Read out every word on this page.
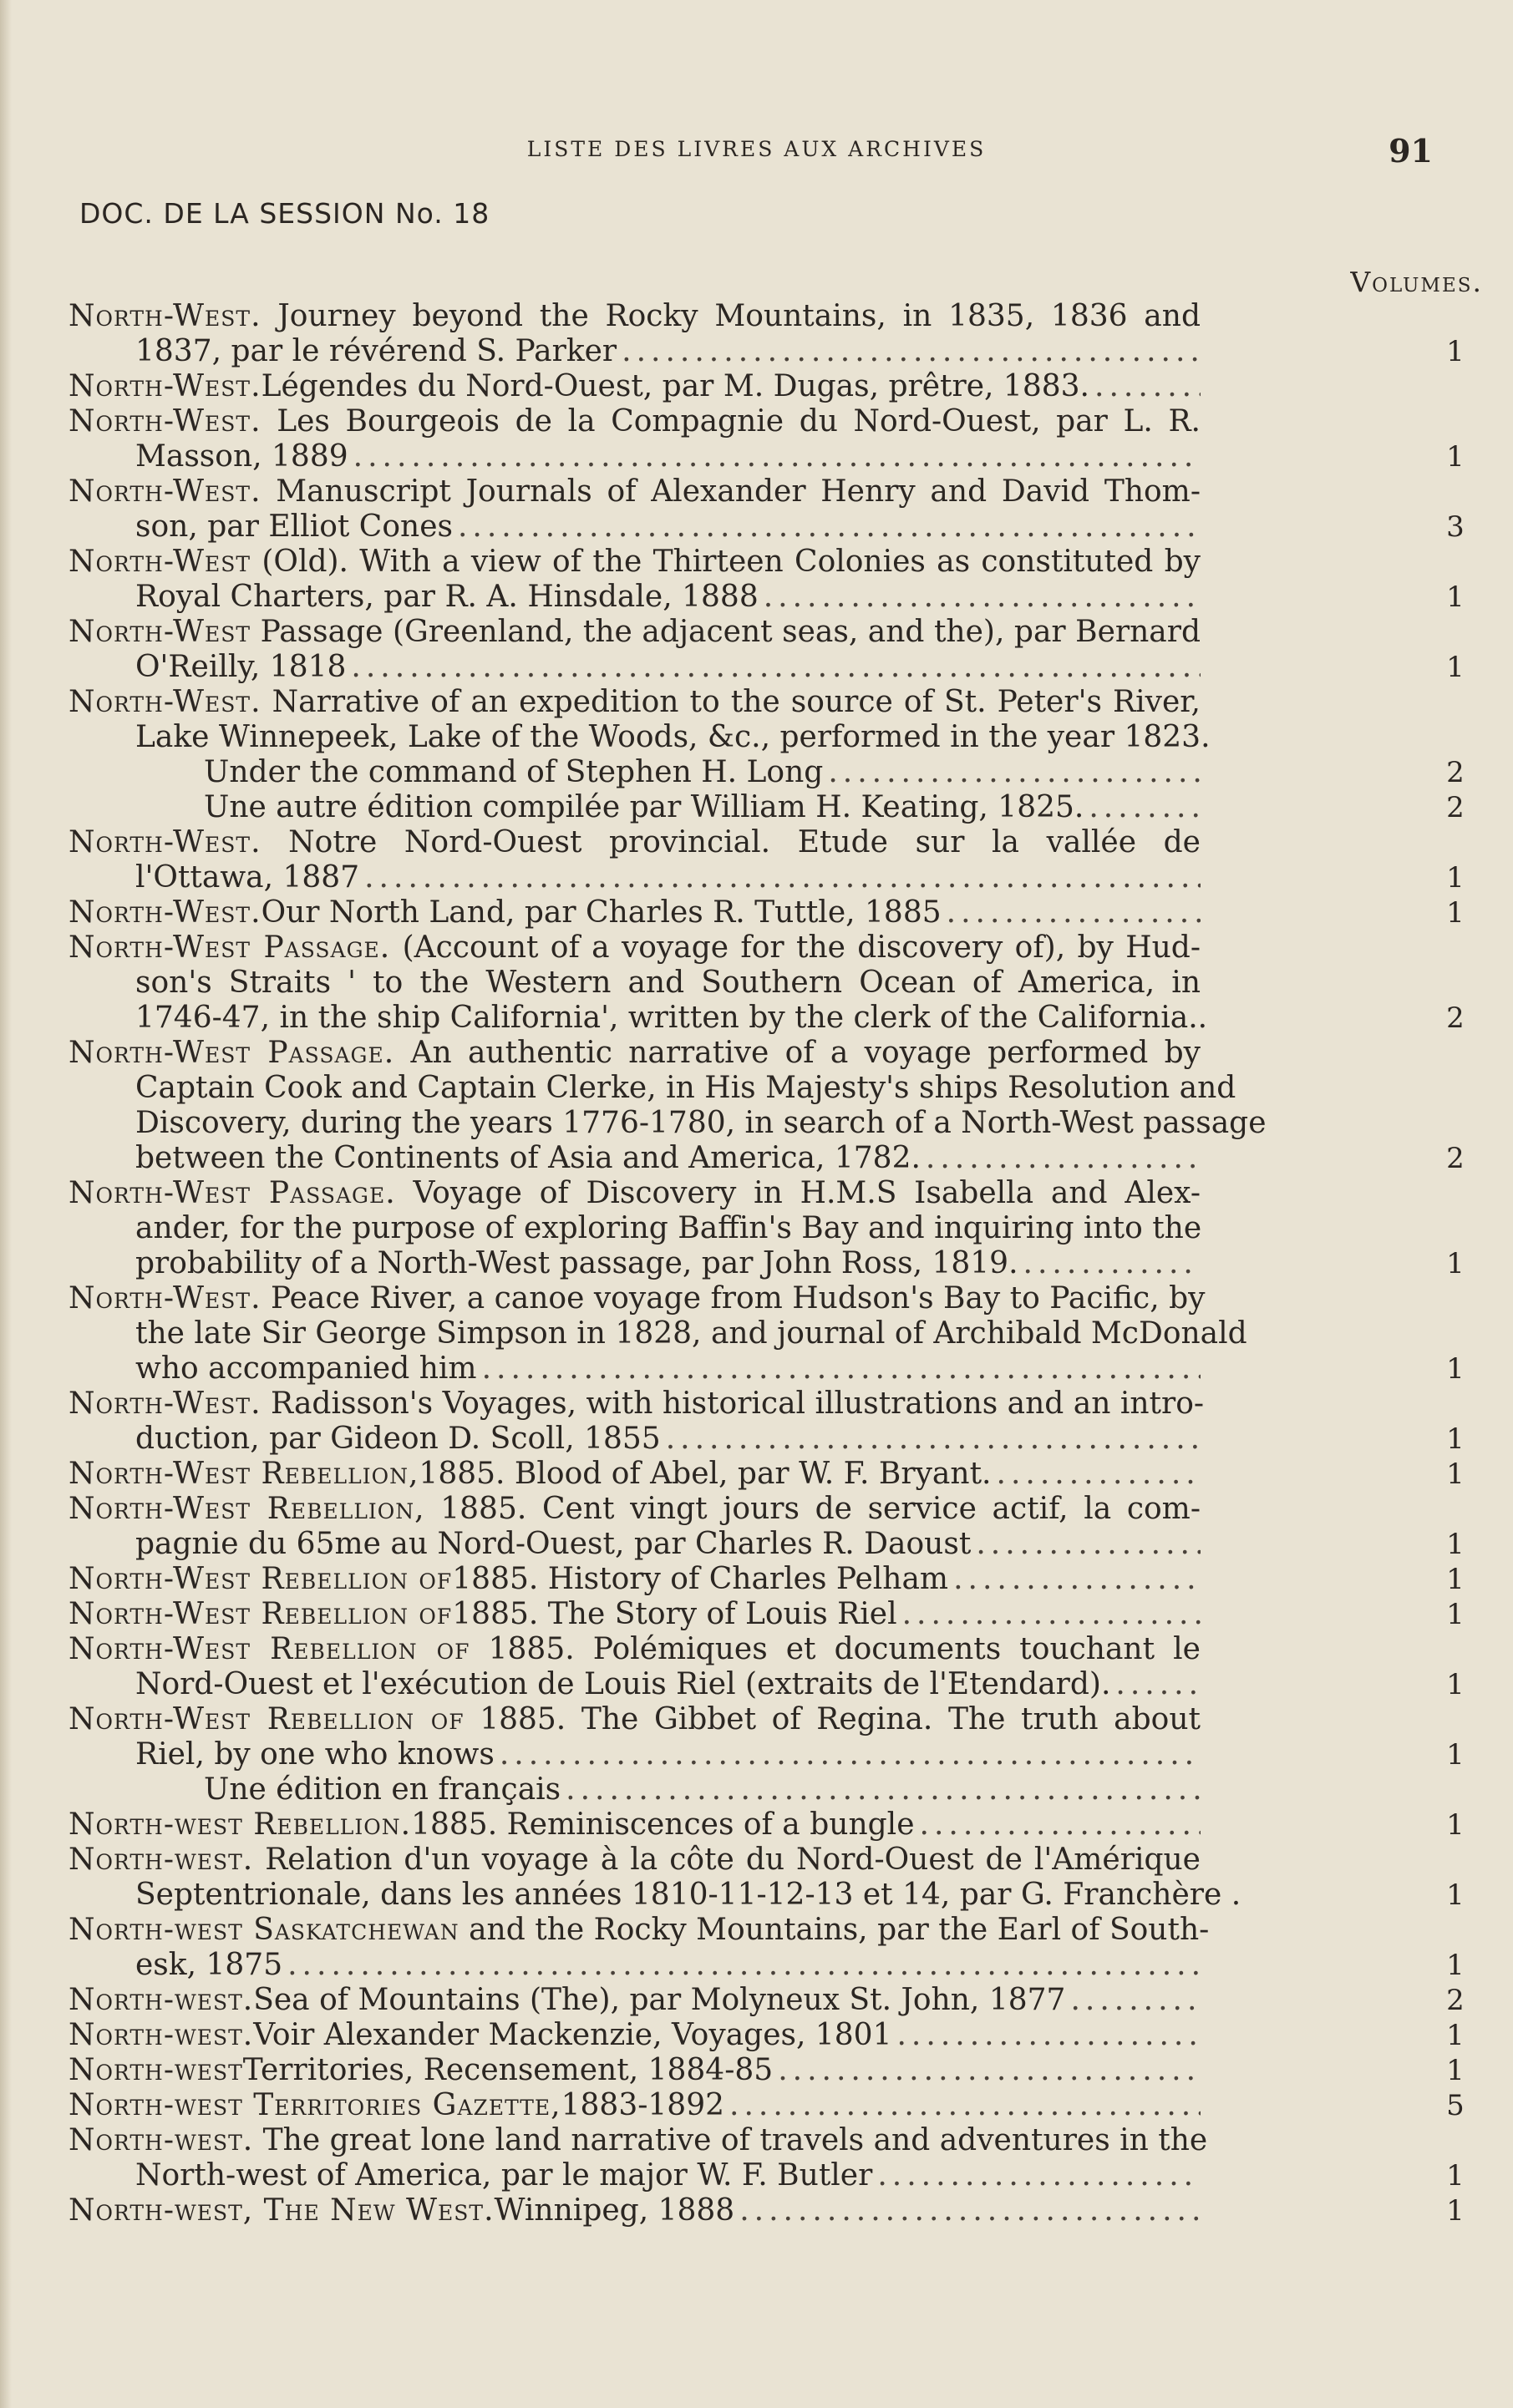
LISTE DES LIVRES AUX ARCHIVES	91
DOC. DE LA SESSION No. 18
Volumes.
North-West. Journey beyond the Rocky Mountains, in 1835, 1836 and
1837, par le révérend S. Parker .....	1
North-West. Légendes du Nord-Ouest, par M. Dugas, prêtre, 1883.
.....
North-West. Les Bourgeois de la Compagnie du Nord-Ouest, par L. R.
Masson, 1889 .....	1
North-West. Manuscript Journals of Alexander Henry and David Thom-
son, par Elliot Cones .....	3
North-West (Old). With a view of the Thirteen Colonies as constituted by
Royal Charters, par R. A. Hinsdale, 1888 .....	1
North-West Passage (Greenland, the adjacent seas, and the), par Bernard
O'Reilly, 1818 .....	1
North-West. Narrative of an expedition to the source of St. Peter's River,
Lake Winnepeek, Lake of the Woods, &c., performed in the year 1823.
Under the command of Stephen H. Long .....	2
Une autre édition compilée par William H. Keating, 1825. .....	2
North-West. Notre Nord-Ouest provincial. Etude sur la vallée de
l'Ottawa, 1887 .....	1
North-West. Our North Land, par Charles R. Tuttle, 1885 .....	1
North-West Passage. (Account of a voyage for the discovery of), by Hud-
son's Straits ' to the Western and Southern Ocean of America, in
1746-47, in the ship California', written by the clerk of the California..	2
North-West Passage. An authentic narrative of a voyage performed by
Captain Cook and Captain Clerke, in His Majesty's ships Resolution and
Discovery, during the years 1776-1780, in search of a North-West passage
between the Continents of Asia and America, 1782. .....	2
North-West Passage. Voyage of Discovery in H.M.S Isabella and Alex-
ander, for the purpose of exploring Baffin's Bay and inquiring into the
probability of a North-West passage, par John Ross, 1819. .....	1
North-West. Peace River, a canoe voyage from Hudson's Bay to Pacific, by
the late Sir George Simpson in 1828, and journal of Archibald McDonald
who accompanied him .....	1
North-West. Radisson's Voyages, with historical illustrations and an intro-
duction, par Gideon D. Scoll, 1855 .....	1
North-West Rebellion, 1885. Blood of Abel, par W. F. Bryant. .....	1
North-West Rebellion, 1885. Cent vingt jours de service actif, la com-
pagnie du 65me au Nord-Ouest, par Charles R. Daoust .....	1
North-West Rebellion of 1885. History of Charles Pelham .....	1
North-West Rebellion of 1885. The Story of Louis Riel .....	1
North-West Rebellion of 1885. Polémiques et documents touchant le
Nord-Ouest et l'exécution de Louis Riel (extraits de l'Etendard). .....	1
North-West Rebellion of 1885. The Gibbet of Regina. The truth about
Riel, by one who knows .....	1
Une édition en français
.....
North-west Rebellion. 1885. Reminiscences of a bungle .....	1
North-west. Relation d'un voyage à la côte du Nord-Ouest de l'Amérique
Septentrionale, dans les années 1810-11-12-13 et 14, par G. Franchère .	1
North-west Saskatchewan and the Rocky Mountains, par the Earl of South-
esk, 1875 .....	1
North-west. Sea of Mountains (The), par Molyneux St. John, 1877 .....	2
North-west. Voir Alexander Mackenzie, Voyages, 1801 .....	1
North-west Territories, Recensement, 1884-85 .....	1
North-west Territories Gazette, 1883-1892 .....	5
North-west. The great lone land narrative of travels and adventures in the
North-west of America, par le major W. F. Butler .....	1
North-west, The New West. Winnipeg, 1888 .....	1
